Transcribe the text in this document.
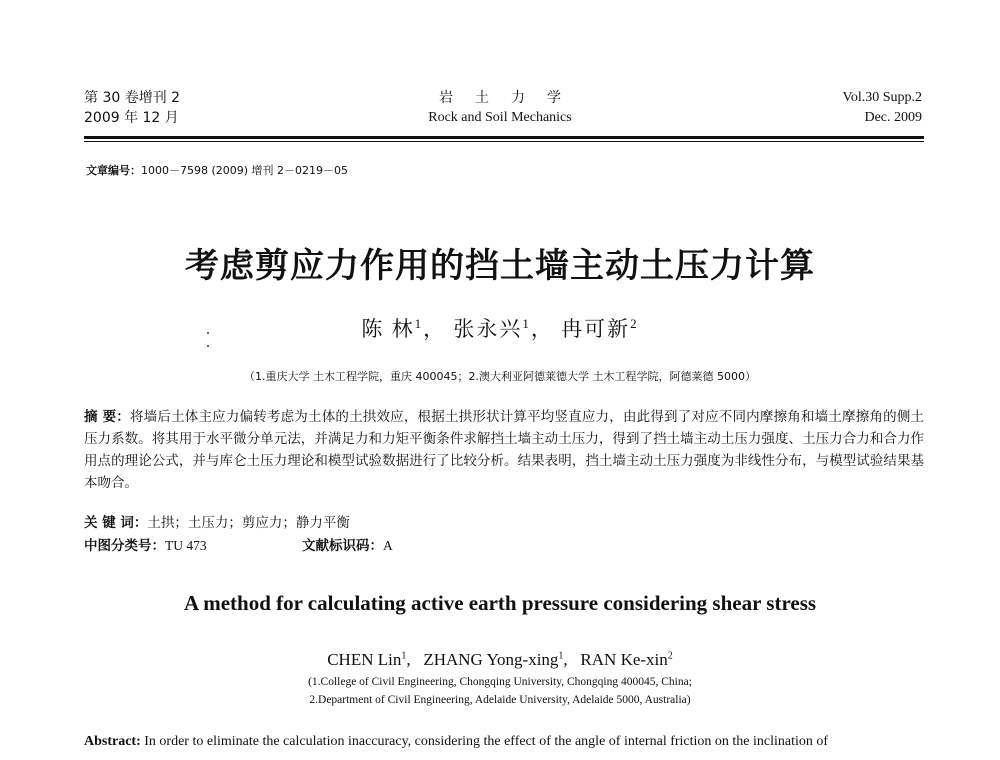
第 30 卷增刊 2
2009 年 12 月
岩土力学
Rock and Soil Mechanics
Vol.30 Supp.2
Dec. 2009
文章编号：1000－7598 (2009) 增刊 2－0219－05
考虑剪应力作用的挡土墙主动土压力计算
陈 林$^1$， 张永兴$^1$， 冉可新$^2$
（1.重庆大学 土木工程学院，重庆 400045；2.澳大利亚阿德莱德大学 土木工程学院，阿德莱德 5000）
摘 要：将墙后土体主应力偏转考虑为土体的土拱效应，根据土拱形状计算平均竖直应力，由此得到了对应不同内摩擦角和墙土摩擦角的侧土压力系数。将其用于水平微分单元法，并满足力和力矩平衡条件求解挡土墙主动土压力，得到了挡土墙主动土压力强度、土压力合力和合力作用点的理论公式，并与库仑土压力理论和模型试验数据进行了比较分析。结果表明，挡土墙主动土压力强度为非线性分布，与模型试验结果基本吻合。
关 键 词：土拱；土压力；剪应力；静力平衡
中图分类号：TU 473	文献标识码：A
A method for calculating active earth pressure considering shear stress
CHEN Lin$^1$,   ZHANG Yong-xing$^1$,   RAN Ke-xin$^2$
(1.College of Civil Engineering, Chongqing University, Chongqing 400045, China;
2.Department of Civil Engineering, Adelaide University, Adelaide 5000, Australia)
Abstract: In order to eliminate the calculation inaccuracy, considering the effect of the angle of internal friction on the inclination of
